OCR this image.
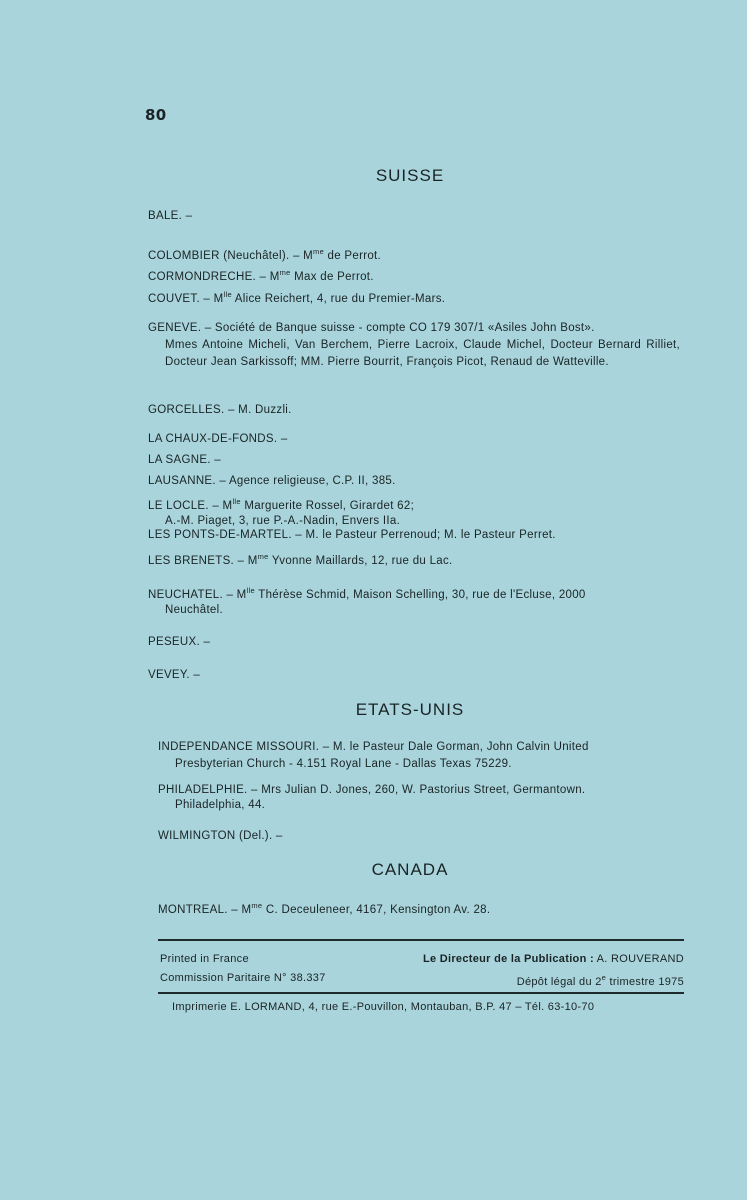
80
SUISSE
BALE. –
COLOMBIER (Neuchâtel). – $M^{me}$ de Perrot.
CORMONDRECHE. – $M^{me}$ Max de Perrot.
COUVET. – $M^{lle}$ Alice Reichert, 4, rue du Premier-Mars.
GENEVE. – Société de Banque suisse - compte CO 179 307/1 «Asiles John Bost».
Mmes Antoine Micheli, Van Berchem, Pierre Lacroix, Claude Michel, Docteur Bernard Rilliet, Docteur Jean Sarkissoff; MM. Pierre Bourrit, François Picot, Renaud de Watteville.
GORCELLES. – M. Duzzli.
LA CHAUX-DE-FONDS. –
LA SAGNE. –
LAUSANNE. – Agence religieuse, C.P. II, 385.
LE LOCLE. – $M^{lle}$ Marguerite Rossel, Girardet 62;
A.-M. Piaget, 3, rue P.-A.-Nadin, Envers IIa.
LES PONTS-DE-MARTEL. – M. le Pasteur Perrenoud; M. le Pasteur Perret.
LES BRENETS. – $M^{me}$ Yvonne Maillards, 12, rue du Lac.
NEUCHATEL. – $M^{lle}$ Thérèse Schmid, Maison Schelling, 30, rue de l'Ecluse, 2000
Neuchâtel.
PESEUX. –
VEVEY. –
ETATS-UNIS
INDEPENDANCE MISSOURI. – M. le Pasteur Dale Gorman, John Calvin United
Presbyterian Church - 4.151 Royal Lane - Dallas Texas 75229.
PHILADELPHIE. – Mrs Julian D. Jones, 260, W. Pastorius Street, Germantown.
Philadelphia, 44.
WILMINGTON (Del.). –
CANADA
MONTREAL. – $M^{me}$ C. Deceuleneer, 4167, Kensington Av. 28.
Printed in France	Le Directeur de la Publication : A. ROUVERAND
Commission Paritaire N° 38.337	Dépôt légal du 2e trimestre 1975
Imprimerie E. LORMAND, 4, rue E.-Pouvillon, Montauban, B.P. 47 – Tél. 63-10-70
